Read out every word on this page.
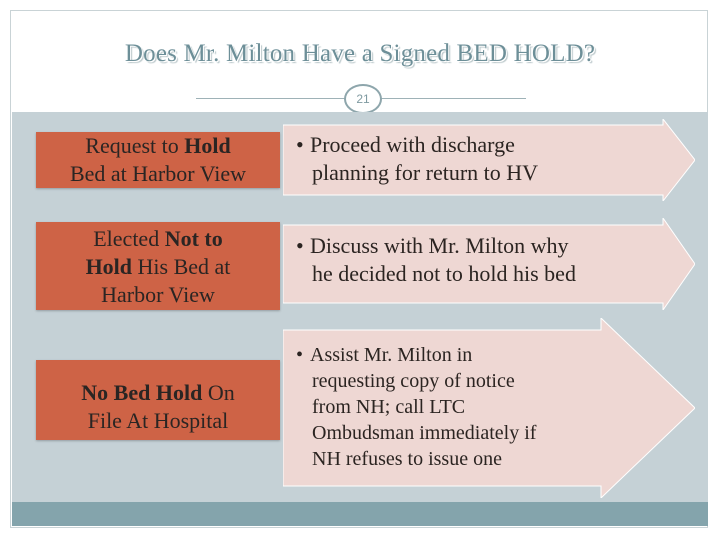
Does Mr. Milton Have a Signed BED HOLD?
21
Request to Hold
Bed at Harbor View
• Proceed with discharge
planning for return to HV
Elected Not to
Hold His Bed at
Harbor View
• Discuss with Mr. Milton why
he decided not to hold his bed
No Bed Hold On
File At Hospital
• Assist Mr. Milton in
requesting copy of notice
from NH; call LTC
Ombudsman immediately if
NH refuses to issue one
